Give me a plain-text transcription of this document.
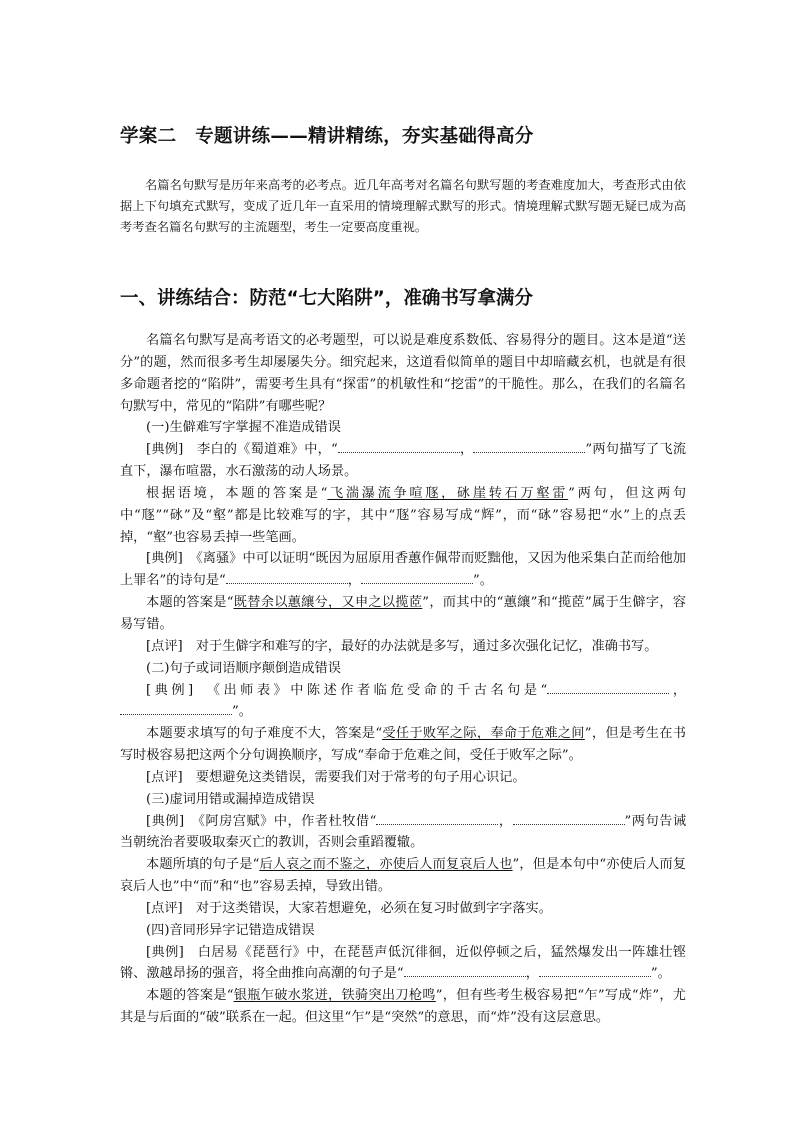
学案二　专题讲练——精讲精练，夯实基础得高分
名篇名句默写是历年来高考的必考点。近几年高考对名篇名句默写题的考查难度加大，考查形式由依据上下句填充式默写，变成了近几年一直采用的情境理解式默写的形式。情境理解式默写题无疑已成为高考考查名篇名句默写的主流题型，考生一定要高度重视。
一、讲练结合：防范“七大陷阱”，准确书写拿满分

名篇名句默写是高考语文的必考题型，可以说是难度系数低、容易得分的题目。这本是道“送分”的题，然而很多考生却屡屡失分。细究起来，这道看似简单的题目中却暗藏玄机，也就是有很多命题者挖的“陷阱”，需要考生具有“探雷”的机敏性和“挖雷”的干脆性。那么，在我们的名篇名句默写中，常见的“陷阱”有哪些呢？

(一)生僻难写字掌握不准造成错误

[典例]　李白的《蜀道难》中，“	，	”两句描写了飞流直下，瀑布喧嚣，水石激荡的动人场景。

根据语境，本题的答案是“飞湍瀑流争喧豗，砯崖转石万壑雷”两句，但这两句中“豗”“砯”及“壑”都是比较难写的字，其中“豗”容易写成“辉”，而“砯”容易把“水”上的点丢掉，“壑”也容易丢掉一些笔画。

[典例]　《离骚》中可以证明“既因为屈原用香蕙作佩带而贬黜他，又因为他采集白芷而给他加上罪名”的诗句是“	，	”。

本题的答案是“既替余以蕙纕兮，又申之以揽茝”，而其中的“蕙纕”和“揽茝”属于生僻字，容易写错。

[点评]　对于生僻字和难写的字，最好的办法就是多写，通过多次强化记忆，准确书写。

(二)句子或词语顺序颠倒造成错误

[典例]　《出师表》中陈述作者临危受命的千古名句是“	，”。

本题要求填写的句子难度不大，答案是“受任于败军之际，奉命于危难之间”，但是考生在书写时极容易把这两个分句调换顺序，写成“奉命于危难之间，受任于败军之际”。

[点评]　要想避免这类错误，需要我们对于常考的句子用心识记。

(三)虚词用错或漏掉造成错误

[典例]　《阿房宫赋》中，作者杜牧借“	，	”两句告诫当朝统治者要吸取秦灭亡的教训，否则会重蹈覆辙。

本题所填的句子是“后人哀之而不鉴之，亦使后人而复哀后人也”，但是本句中“亦使后人而复哀后人也”中“而”和“也”容易丢掉，导致出错。

[点评]　对于这类错误，大家若想避免，必须在复习时做到字字落实。

(四)音同形异字记错造成错误

[典例]　白居易《琵琶行》中，在琵琶声低沉徘徊，近似停顿之后，猛然爆发出一阵雄壮铿锵、激越昂扬的强音，将全曲推向高潮的句子是“	，	”。

本题的答案是“银瓶乍破水浆迸，铁骑突出刀枪鸣”，但有些考生极容易把“乍”写成“炸”，尤其是与后面的“破”联系在一起。但这里“乍”是“突然”的意思，而“炸”没有这层意思。
